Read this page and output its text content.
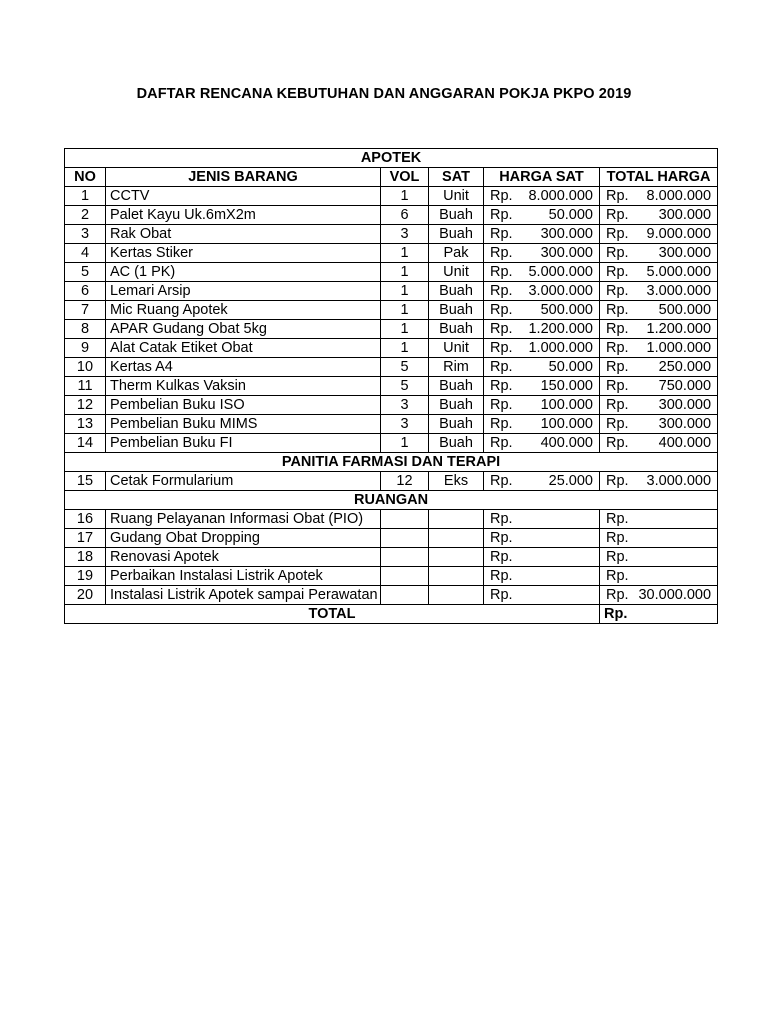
DAFTAR RENCANA KEBUTUHAN DAN ANGGARAN POKJA PKPO 2019
APOTEK					
NO	JENIS BARANG	VOL	SAT	HARGA SAT	TOTAL HARGA
1	CCTV	1	Unit	Rp. 8.000.000	Rp. 8.000.000

2	Palet Kayu Uk.6mX2m	6	Buah	Rp. 50.000	Rp. 300.000

3	Rak Obat	3	Buah	Rp. 300.000	Rp. 9.000.000

4	Kertas Stiker	1	Pak	Rp. 300.000	Rp. 300.000

5	AC (1 PK)	1	Unit	Rp. 5.000.000	Rp. 5.000.000

6	Lemari Arsip	1	Buah	Rp. 3.000.000	Rp. 3.000.000

7	Mic Ruang Apotek	1	Buah	Rp. 500.000	Rp. 500.000

8	APAR Gudang Obat 5kg	1	Buah	Rp. 1.200.000	Rp. 1.200.000

9	Alat Catak Etiket Obat	1	Unit	Rp. 1.000.000	Rp. 1.000.000

10	Kertas A4	5	Rim	Rp. 50.000	Rp. 250.000

11	Therm Kulkas Vaksin	5	Buah	Rp. 150.000	Rp. 750.000

12	Pembelian Buku ISO	3	Buah	Rp. 100.000	Rp. 300.000

13	Pembelian Buku MIMS	3	Buah	Rp. 100.000	Rp. 300.000

14	Pembelian Buku FI	1	Buah	Rp. 400.000	Rp. 400.000

PANITIA FARMASI DAN TERAPI					
15	Cetak Formularium	12	Eks	Rp. 25.000	Rp. 3.000.000

RUANGAN					
16	Ruang Pelayanan Informasi Obat (PIO)			Rp.	Rp.

17	Gudang Obat Dropping			Rp.	Rp.

18	Renovasi Apotek			Rp.	Rp.

19	Perbaikan Instalasi Listrik Apotek			Rp.	Rp.

20	Instalasi Listrik Apotek sampai Perawatan			Rp.	Rp. 30.000.000

TOTAL					Rp.
